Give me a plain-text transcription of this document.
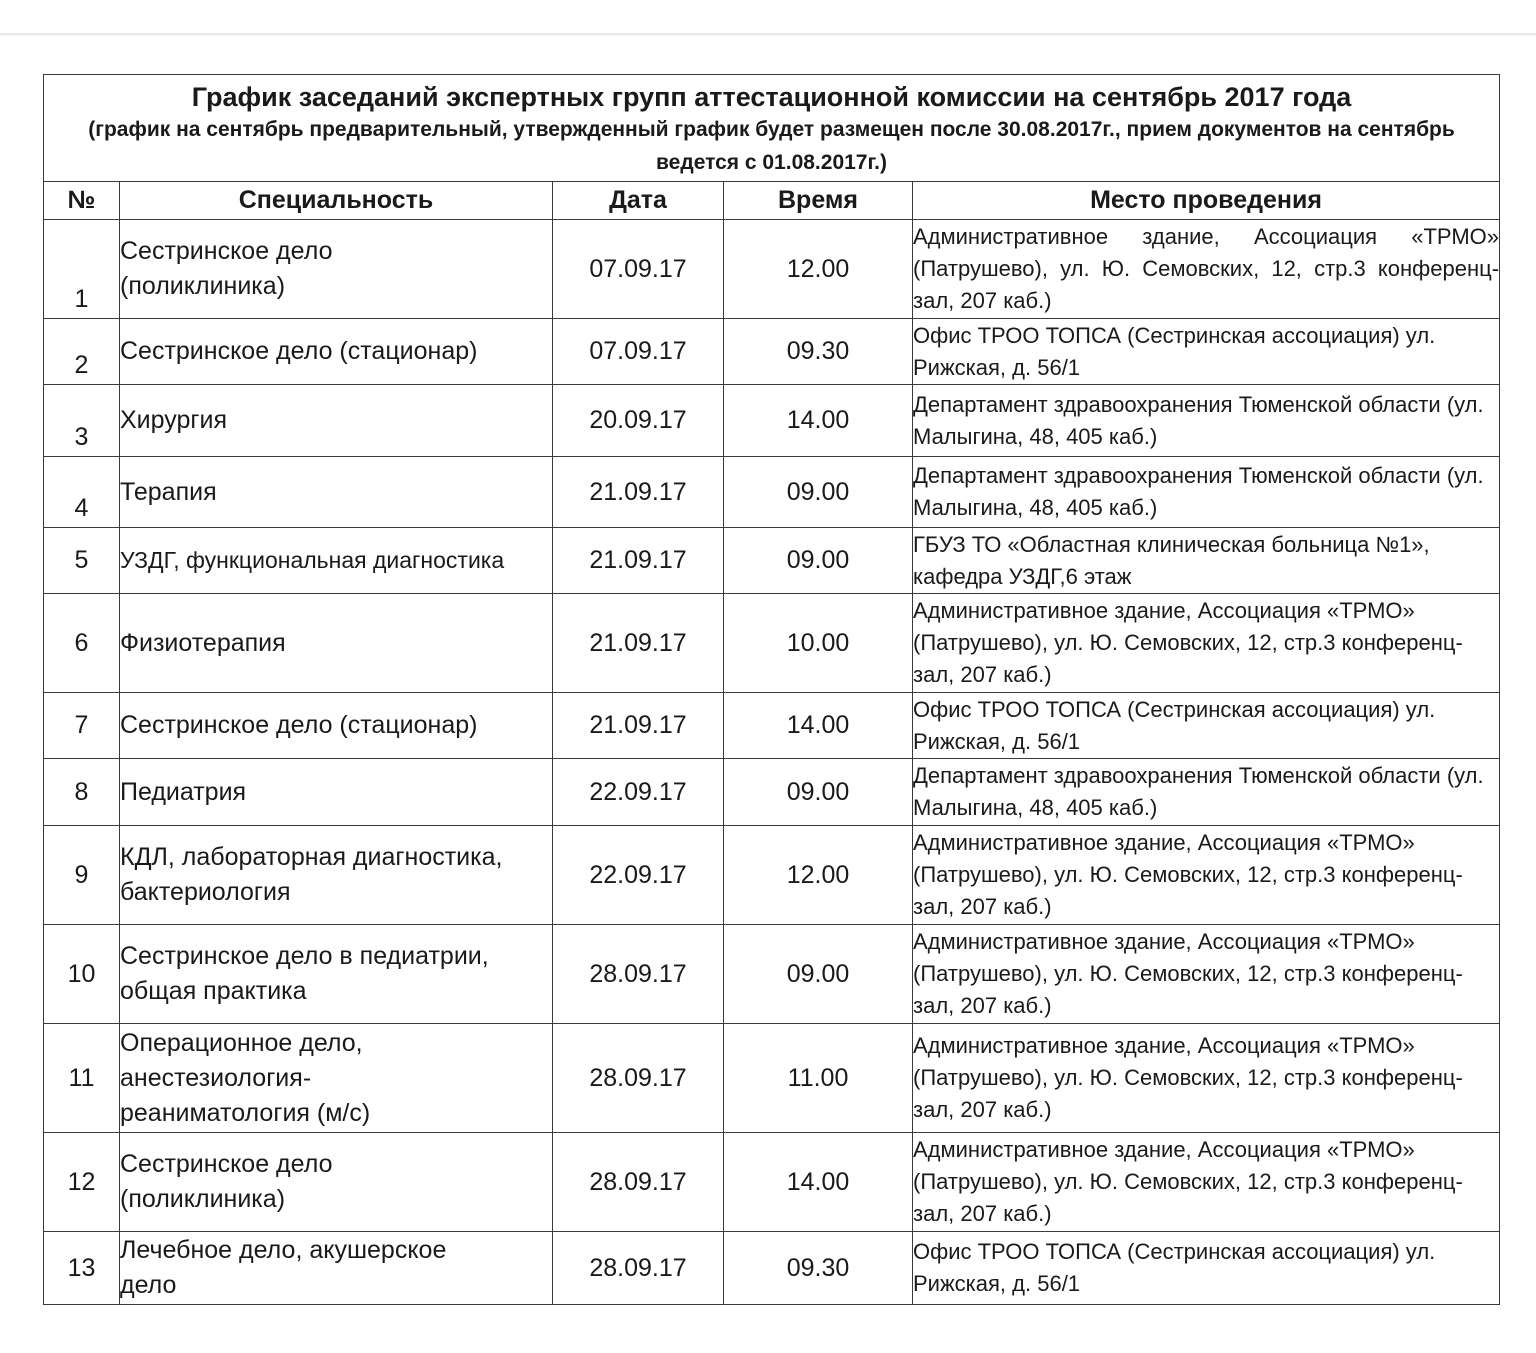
График заседаний экспертных групп аттестационной комиссии на сентябрь 2017 года
(график на сентябрь предварительный, утвержденный график будет размещен после 30.08.2017г., прием документов на сентябрь ведется с 01.08.2017г.)				

№	Специальность	Дата	Время	Место проведения
1	Сестринское дело (поликлиника)	07.09.17	12.00	Административное здание, Ассоциация «ТРМО» (Патрушево), ул. Ю. Семовских, 12, стр.3 конференц-зал, 207 каб.)
2	Сестринское дело (стационар)	07.09.17	09.30	Офис ТРОО ТОПСА (Сестринская ассоциация) ул. Рижская, д. 56/1
3	Хирургия	20.09.17	14.00	Департамент здравоохранения Тюменской области (ул. Малыгина, 48, 405 каб.)
4	Терапия	21.09.17	09.00	Департамент здравоохранения Тюменской области (ул. Малыгина, 48, 405 каб.)
5	УЗДГ, функциональная диагностика	21.09.17	09.00	ГБУЗ ТО «Областная клиническая больница №1», кафедра УЗДГ,6 этаж
6	Физиотерапия	21.09.17	10.00	Административное здание, Ассоциация «ТРМО» (Патрушево), ул. Ю. Семовских, 12, стр.3 конференц-зал, 207 каб.)
7	Сестринское дело (стационар)	21.09.17	14.00	Офис ТРОО ТОПСА (Сестринская ассоциация) ул. Рижская, д. 56/1
8	Педиатрия	22.09.17	09.00	Департамент здравоохранения Тюменской области (ул. Малыгина, 48, 405 каб.)
9	КДЛ, лабораторная диагностика, бактериология	22.09.17	12.00	Административное здание, Ассоциация «ТРМО» (Патрушево), ул. Ю. Семовских, 12, стр.3 конференц-зал, 207 каб.)
10	Сестринское дело в педиатрии, общая практика	28.09.17	09.00	Административное здание, Ассоциация «ТРМО» (Патрушево), ул. Ю. Семовских, 12, стр.3 конференц-зал, 207 каб.)
11	Операционное дело, анестезиология-реаниматология (м/с)	28.09.17	11.00	Административное здание, Ассоциация «ТРМО» (Патрушево), ул. Ю. Семовских, 12, стр.3 конференц-зал, 207 каб.)
12	Сестринское дело (поликлиника)	28.09.17	14.00	Административное здание, Ассоциация «ТРМО» (Патрушево), ул. Ю. Семовских, 12, стр.3 конференц-зал, 207 каб.)
13	Лечебное дело, акушерское дело	28.09.17	09.30	Офис ТРОО ТОПСА (Сестринская ассоциация) ул. Рижская, д. 56/1
